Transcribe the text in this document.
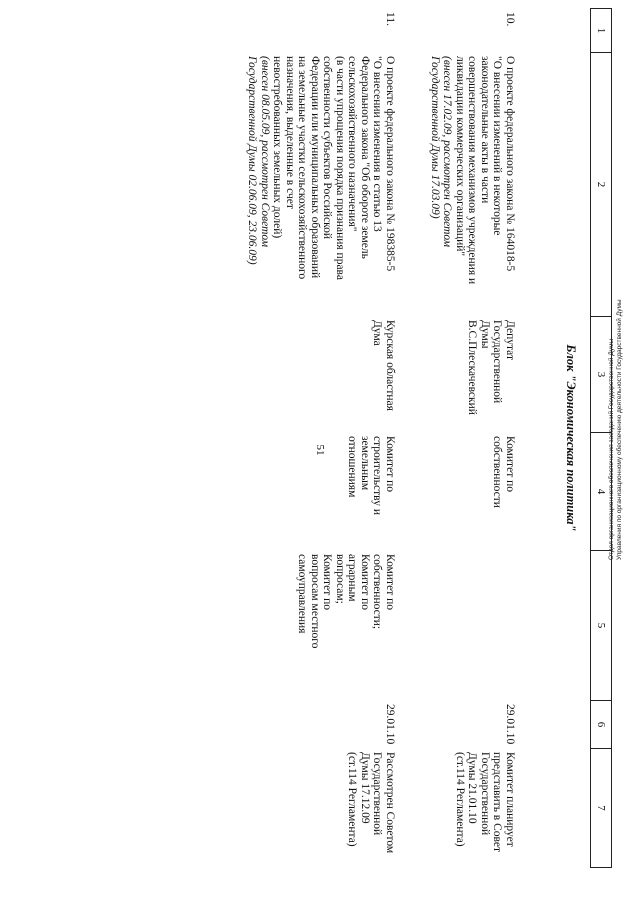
51
1
2
3
4
5
6
7
Блок "Экономическая политика"
10.
О проекте федерального закона № 164018-5
"О внесении изменений в некоторые
законодательные акты в части
совершенствования механизмов учреждения и
ликвидации коммерческих организаций"
(внесен 17.02.09, рассмотрен Советом
Государственной Думы 17.03.09)
Депутат
Государственной
Думы
В.С.Плескачевский
Комитет по
собственности
29.01.10
Комитет планирует
представить в Совет
Государственной
Думы 21.01.10
(ст.114 Регламента)
11.
О проекте федерального закона № 198385-5
"О внесении изменения в статью 13
Федерального закона "Об обороте земель
сельскохозяйственного назначения"
(в части упрощения порядка признания права
собственности субъектов Российской
Федерации или муниципальных образований
на земельные участки сельскохозяйственного
назначения, выделенные в счет
невостребованных земельных долей)
(внесен 08.05.09, рассмотрен Советом
Государственной Думы 02.06.09, 23.06.09)
Курская областная
Дума
Комитет по
строительству и
земельным
отношениям
Комитет по
собственности;
Комитет по
аграрным
вопросам;
Комитет по
вопросам местного
самоуправления
29.01.10
Рассмотрен Советом
Государственной
Думы 17.12.09
(ст.114 Регламента)
Отдел организационного обеспечения заседаний Государственной Думы Управления по организационному обеспечению деятельности Государственной Думы
